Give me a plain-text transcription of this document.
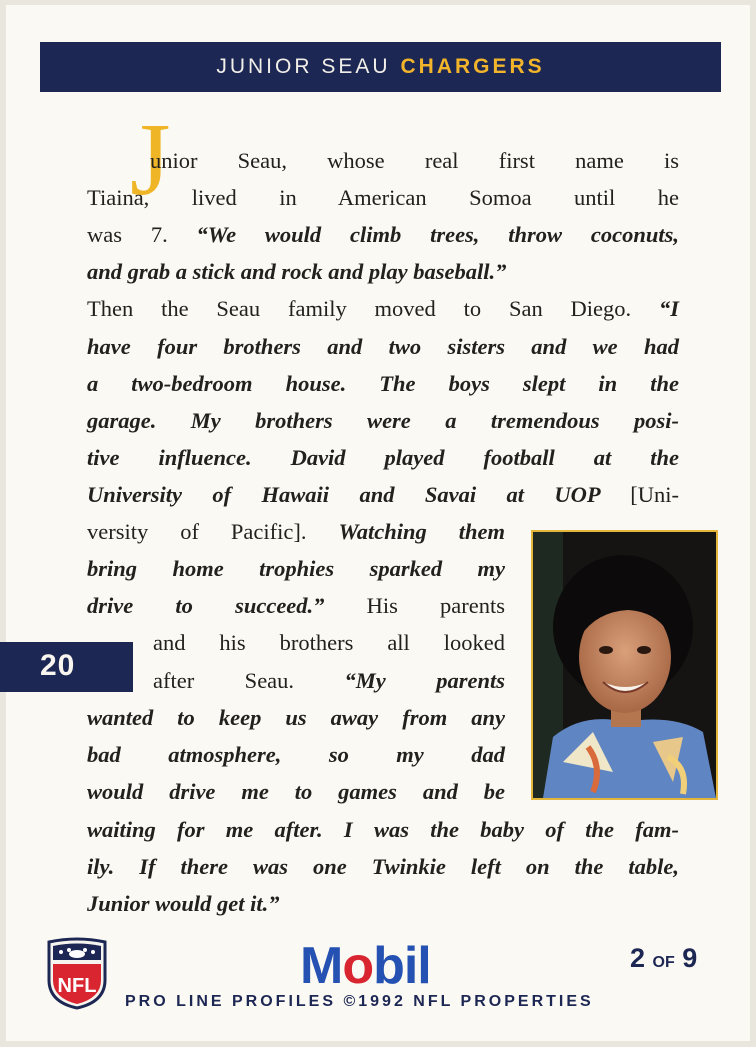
JUNIOR SEAU CHARGERS
J
unior Seau, whose real first name is
Tiaina, lived in American Somoa until he
was 7. “We would climb trees, throw coconuts,
and grab a stick and rock and play baseball.”
Then the Seau family moved to San Diego. “I
have four brothers and two sisters and we had
a two-bedroom house. The boys slept in the
garage. My brothers were a tremendous posi-
tive influence. David played football at the
University of Hawaii and Savai at UOP [Uni-
versity of Pacific]. Watching them
bring home trophies sparked my
drive to succeed.” His parents
and his brothers all looked
after Seau. “My parents
wanted to keep us away from any
bad atmosphere, so my dad
would drive me to games and be
waiting for me after. I was the baby of the fam-
ily. If there was one Twinkie left on the table,
Junior would get it.”
20
NFL	Mobil	2 OF 9
PRO LINE PROFILES ©1992 NFL PROPERTIES
